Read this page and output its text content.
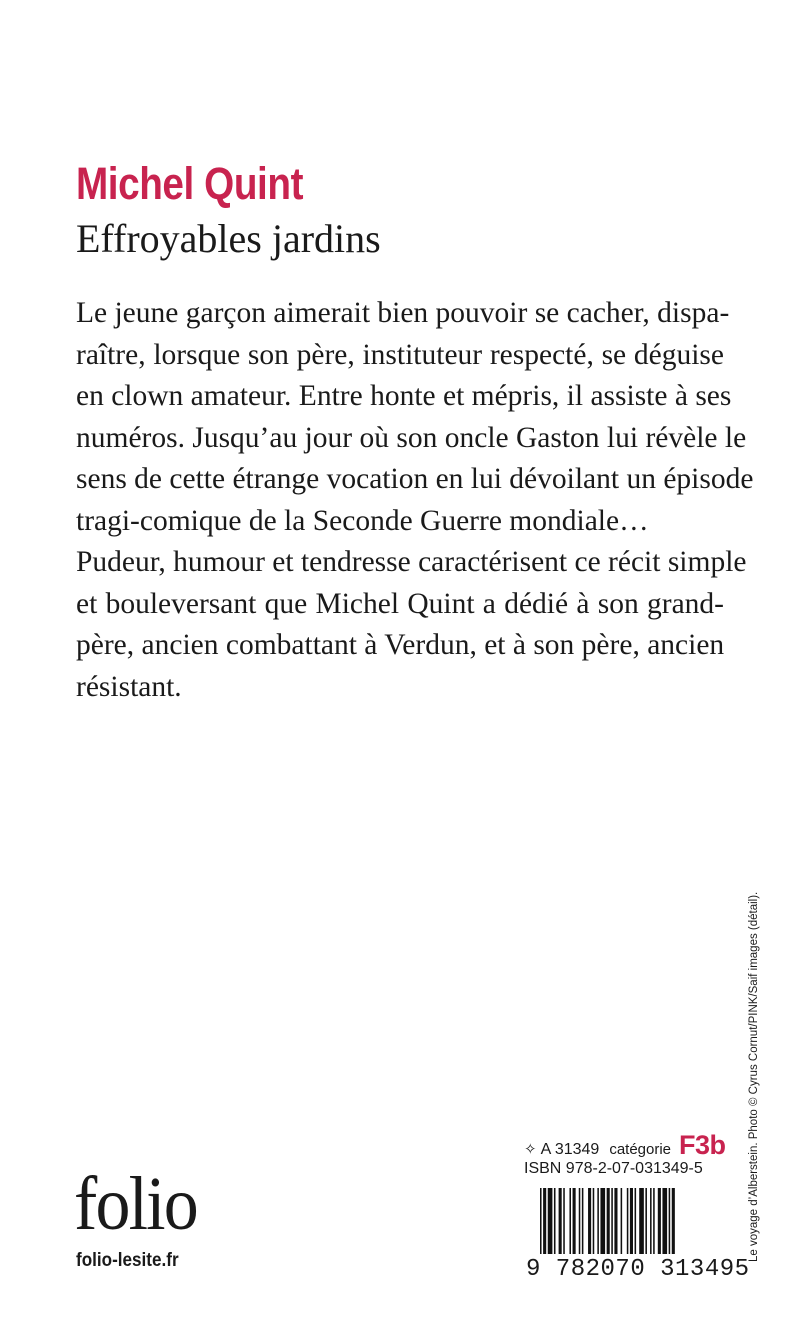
Michel Quint
Effroyables jardins
Le jeune garçon aimerait bien pouvoir se cacher, dispa-
raître, lorsque son père, instituteur respecté, se déguise
en clown amateur. Entre honte et mépris, il assiste à ses
numéros. Jusqu’au jour où son oncle Gaston lui révèle le
sens de cette étrange vocation en lui dévoilant un épisode
tragi-comique de la Seconde Guerre mondiale…
Pudeur, humour et tendresse caractérisent ce récit simple
et bouleversant que Michel Quint a dédié à son grand-
père, ancien combattant à Verdun, et à son père, ancien
résistant.
Le voyage d’Alberstein. Photo © Cyrus Cornut/PINK/Saif images (détail).
✧ A 31349 catégorie F3b
ISBN 978-2-07-031349-5
9 782070 313495
folio
folio-lesite.fr
